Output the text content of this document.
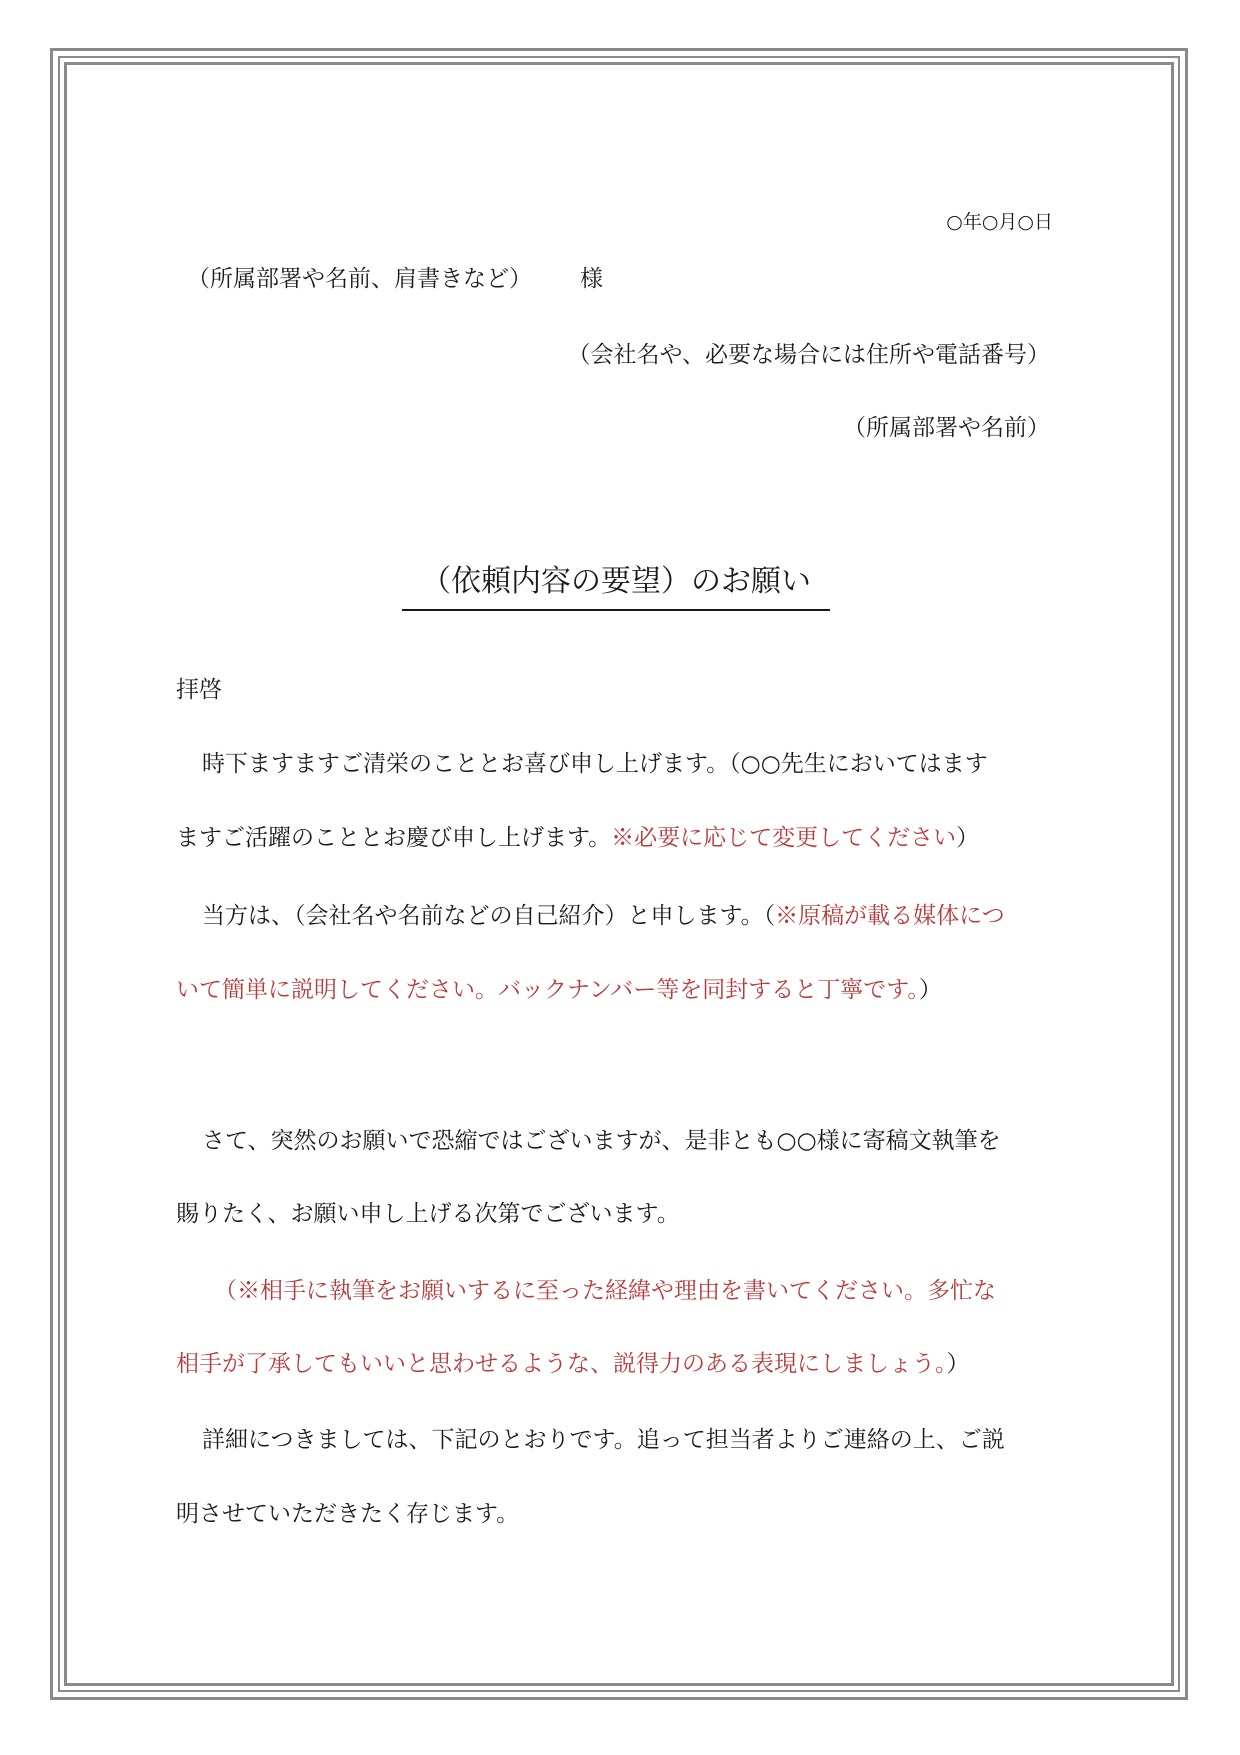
○年○月○日
（所属部署や名前、肩書きなど） 様
（会社名や、必要な場合には住所や電話番号）
（所属部署や名前）
（依頼内容の要望）のお願い
拝啓
時下ますますご清栄のこととお喜び申し上げます。（○○先生においてはます
ますご活躍のこととお慶び申し上げます。※必要に応じて変更してください）
当方は、（会社名や名前などの自己紹介）と申します。（※原稿が載る媒体につ
いて簡単に説明してください。バックナンバー等を同封すると丁寧です。）
さて、突然のお願いで恐縮ではございますが、是非とも○○様に寄稿文執筆を
賜りたく、お願い申し上げる次第でございます。
（※相手に執筆をお願いするに至った経緯や理由を書いてください。多忙な
相手が了承してもいいと思わせるような、説得力のある表現にしましょう。）
詳細につきましては、下記のとおりです。追って担当者よりご連絡の上、ご説
明させていただきたく存じます。
